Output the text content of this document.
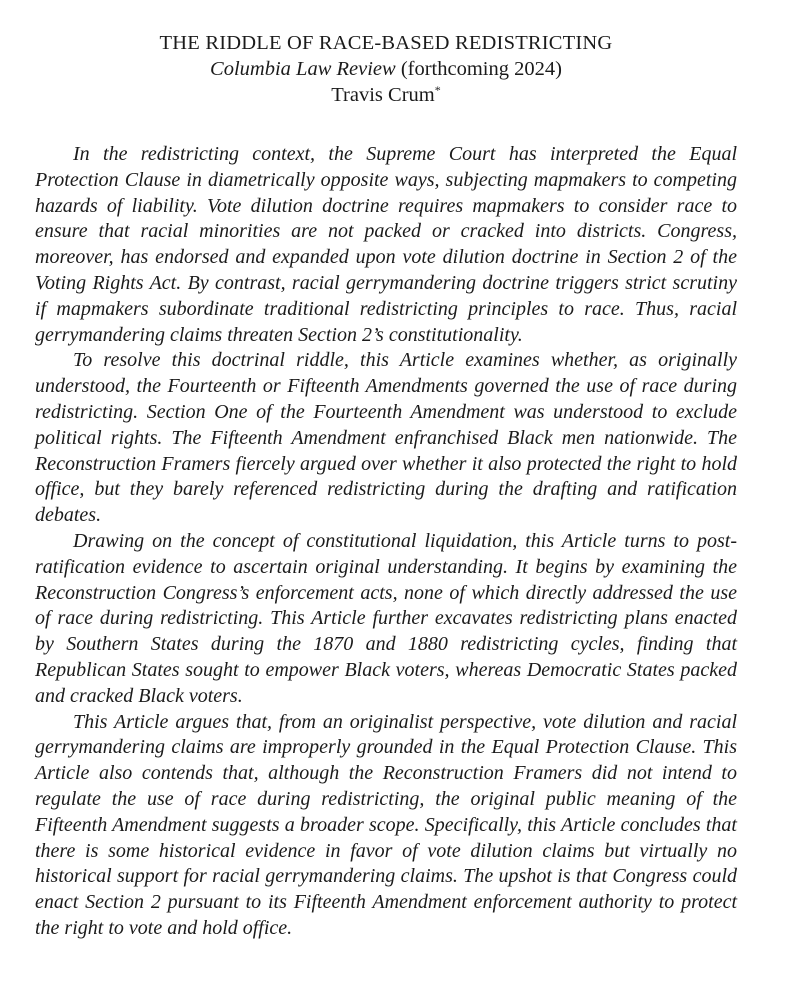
THE RIDDLE OF RACE-BASED REDISTRICTING
Columbia Law Review (forthcoming 2024)
Travis Crum*

In the redistricting context, the Supreme Court has interpreted the Equal Protection Clause in diametrically opposite ways, subjecting mapmakers to competing hazards of liability. Vote dilution doctrine requires mapmakers to consider race to ensure that racial minorities are not packed or cracked into districts. Congress, moreover, has endorsed and expanded upon vote dilution doctrine in Section 2 of the Voting Rights Act. By contrast, racial gerrymandering doctrine triggers strict scrutiny if mapmakers subordinate traditional redistricting principles to race. Thus, racial gerrymandering claims threaten Section 2’s constitutionality.

To resolve this doctrinal riddle, this Article examines whether, as originally understood, the Fourteenth or Fifteenth Amendments governed the use of race during redistricting. Section One of the Fourteenth Amendment was understood to exclude political rights. The Fifteenth Amendment enfranchised Black men nationwide. The Reconstruction Framers fiercely argued over whether it also protected the right to hold office, but they barely referenced redistricting during the drafting and ratification debates.

Drawing on the concept of constitutional liquidation, this Article turns to post-ratification evidence to ascertain original understanding. It begins by examining the Reconstruction Congress’s enforcement acts, none of which directly addressed the use of race during redistricting. This Article further excavates redistricting plans enacted by Southern States during the 1870 and 1880 redistricting cycles, finding that Republican States sought to empower Black voters, whereas Democratic States packed and cracked Black voters.

This Article argues that, from an originalist perspective, vote dilution and racial gerrymandering claims are improperly grounded in the Equal Protection Clause. This Article also contends that, although the Reconstruction Framers did not intend to regulate the use of race during redistricting, the original public meaning of the Fifteenth Amendment suggests a broader scope. Specifically, this Article concludes that there is some historical evidence in favor of vote dilution claims but virtually no historical support for racial gerrymandering claims. The upshot is that Congress could enact Section 2 pursuant to its Fifteenth Amendment enforcement authority to protect the right to vote and hold office.
